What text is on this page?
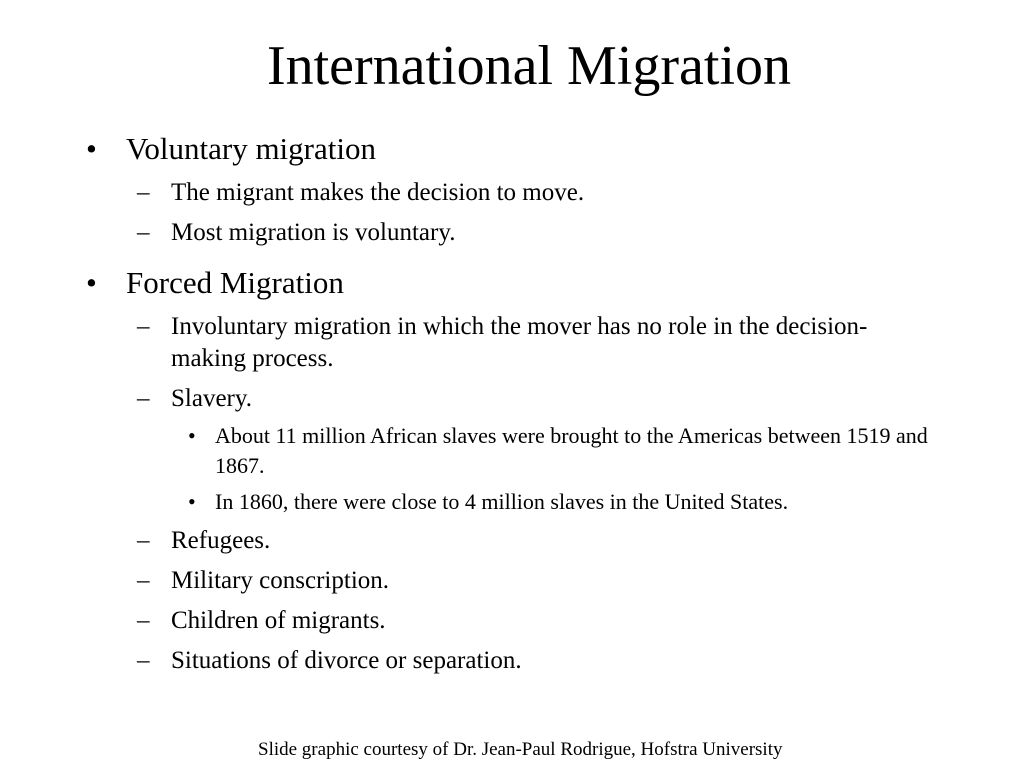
International Migration
• Voluntary migration
– The migrant makes the decision to move.
– Most migration is voluntary.
• Forced Migration
– Involuntary migration in which the mover has no role in the decision-making process.
– Slavery.
• About 11 million African slaves were brought to the Americas between 1519 and 1867.
• In 1860, there were close to 4 million slaves in the United States.
– Refugees.
– Military conscription.
– Children of migrants.
– Situations of divorce or separation.
Slide graphic courtesy of Dr. Jean-Paul Rodrigue, Hofstra University
